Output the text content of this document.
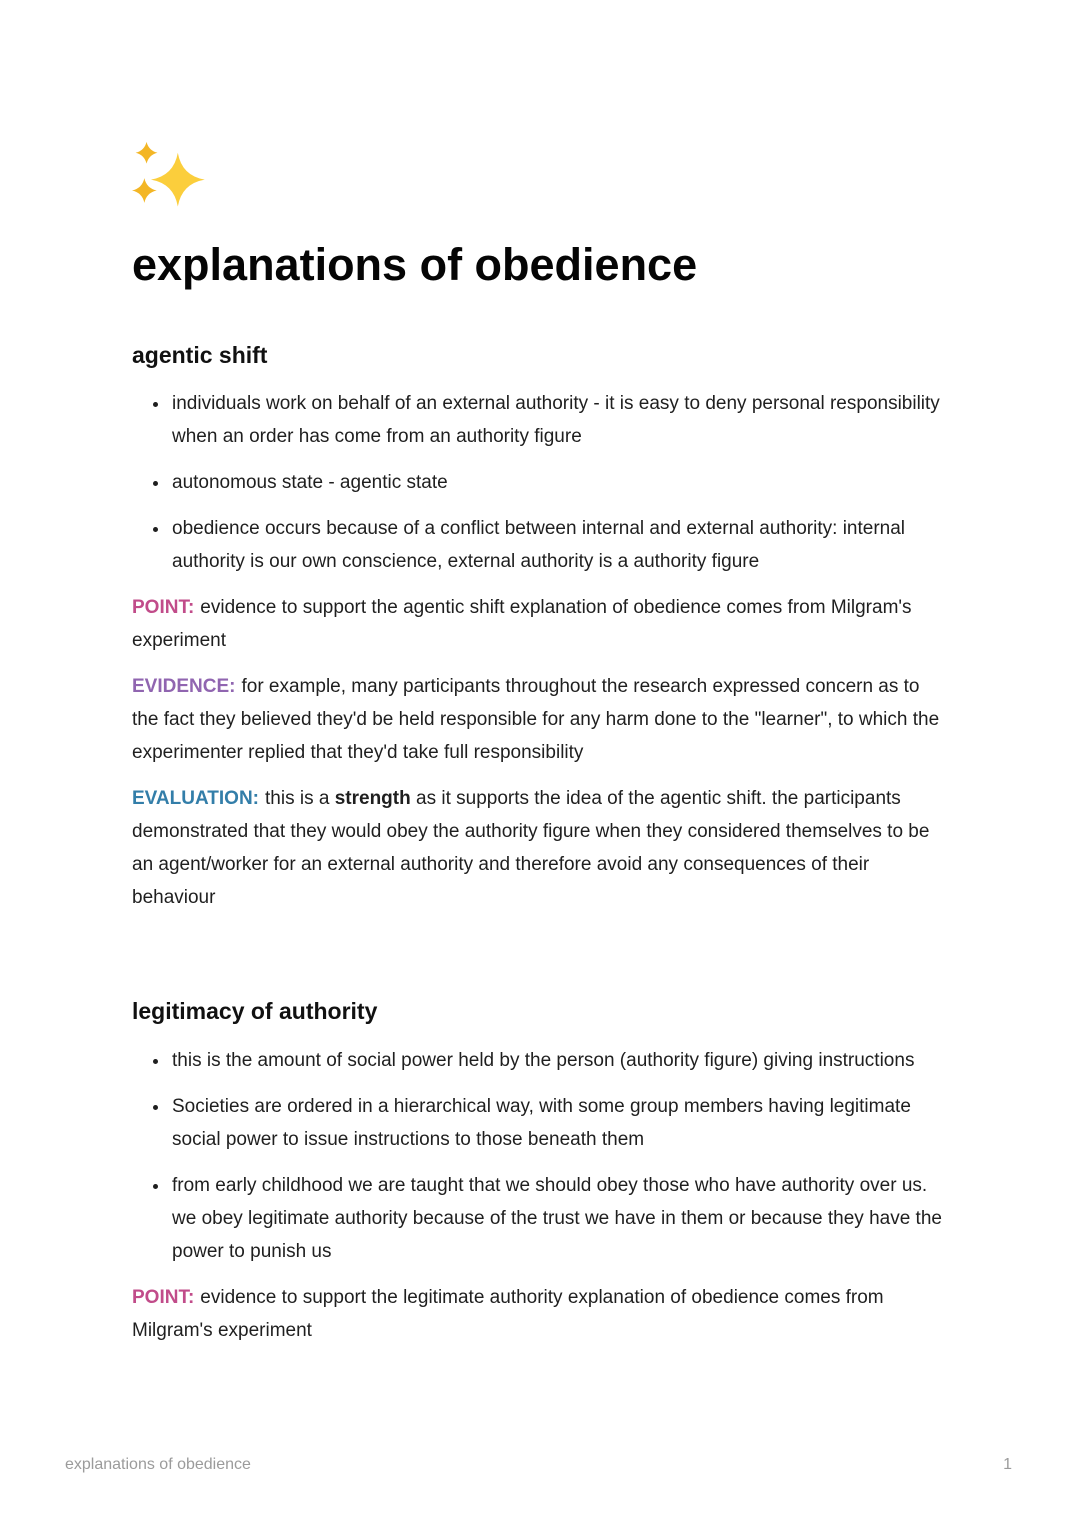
explanations of obedience
agentic shift
• individuals work on behalf of an external authority - it is easy to deny personal responsibility when an order has come from an authority figure
• autonomous state - agentic state
• obedience occurs because of a conflict between internal and external authority: internal authority is our own conscience, external authority is a authority figure

POINT: evidence to support the agentic shift explanation of obedience comes from Milgram's experiment

EVIDENCE: for example, many participants throughout the research expressed concern as to the fact they believed they'd be held responsible for any harm done to the "learner", to which the experimenter replied that they'd take full responsibility

EVALUATION: this is a strength as it supports the idea of the agentic shift. the participants demonstrated that they would obey the authority figure when they considered themselves to be an agent/worker for an external authority and therefore avoid any consequences of their behaviour

legitimacy of authority
• this is the amount of social power held by the person (authority figure) giving instructions
• Societies are ordered in a hierarchical way, with some group members having legitimate social power to issue instructions to those beneath them
• from early childhood we are taught that we should obey those who have authority over us. we obey legitimate authority because of the trust we have in them or because they have the power to punish us

POINT: evidence to support the legitimate authority explanation of obedience comes from Milgram's experiment

explanations of obedience	1
